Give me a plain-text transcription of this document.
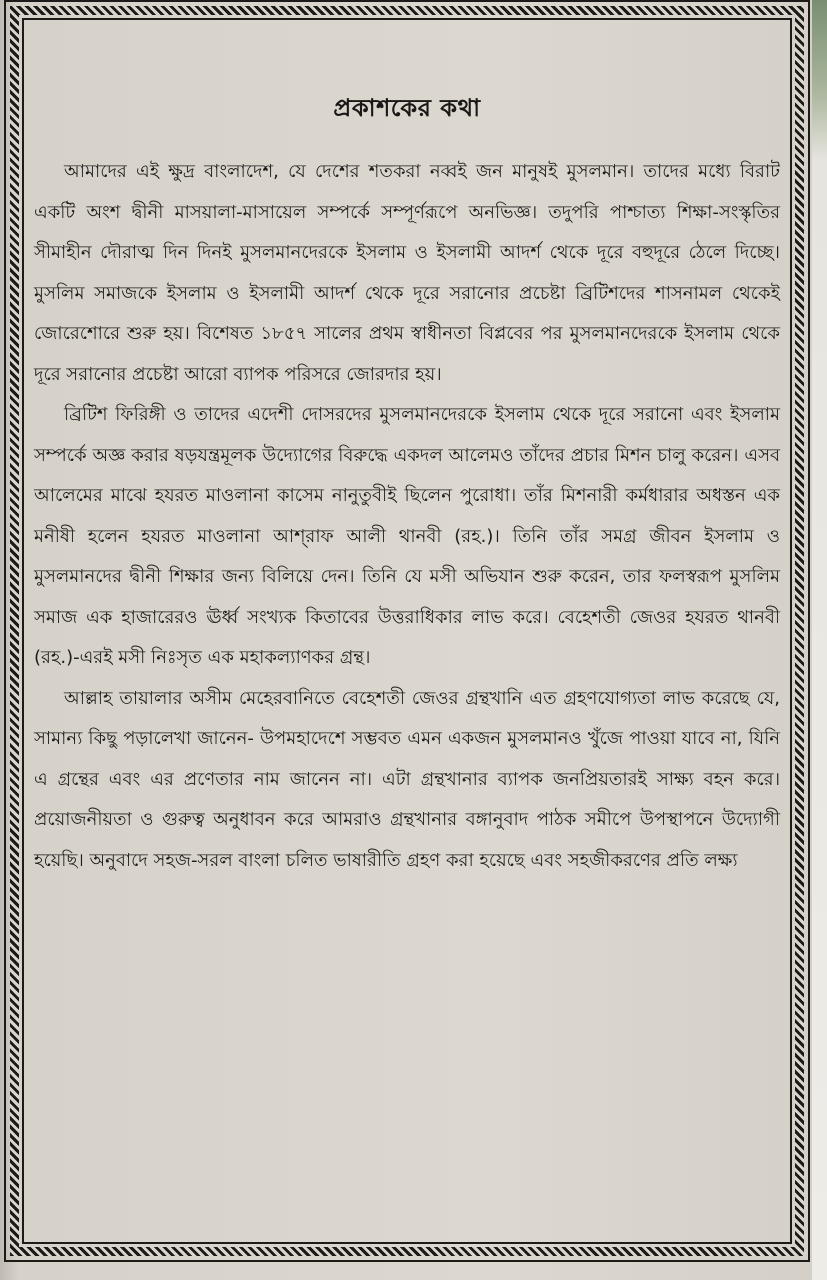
প্রকাশকের কথা

আমাদের এই ক্ষুদ্র বাংলাদেশ, যে দেশের শতকরা নব্বই জন মানুষই মুসলমান। তাদের মধ্যে বিরাট একটি অংশ দ্বীনী মাসয়ালা-মাসায়েল সম্পর্কে সম্পূর্ণরূপে অনভিজ্ঞ। তদুপরি পাশ্চাত্য শিক্ষা-সংস্কৃতির সীমাহীন দৌরাত্ম দিন দিনই মুসলমানদেরকে ইসলাম ও ইসলামী আদর্শ থেকে দূরে বহুদূরে ঠেলে দিচ্ছে। মুসলিম সমাজকে ইসলাম ও ইসলামী আদর্শ থেকে দূরে সরানোর প্রচেষ্টা ব্রিটিশদের শাসনামল থেকেই জোরেশোরে শুরু হয়। বিশেষত ১৮৫৭ সালের প্রথম স্বাধীনতা বিপ্লবের পর মুসলমানদেরকে ইসলাম থেকে দূরে সরানোর প্রচেষ্টা আরো ব্যাপক পরিসরে জোরদার হয়।

ব্রিটিশ ফিরিঙ্গী ও তাদের এদেশী দোসরদের মুসলমানদেরকে ইসলাম থেকে দূরে সরানো এবং ইসলাম সম্পর্কে অজ্ঞ করার ষড়যন্ত্রমূলক উদ্যোগের বিরুদ্ধে একদল আলেমও তাঁদের প্রচার মিশন চালু করেন। এসব আলেমের মাঝে হযরত মাওলানা কাসেম নানুতুবীই ছিলেন পুরোধা। তাঁর মিশনারী কর্মধারার অধস্তন এক মনীষী হলেন হযরত মাওলানা আশ্‌রাফ আলী থানবী (রহ.)। তিনি তাঁর সমগ্র জীবন ইসলাম ও মুসলমানদের দ্বীনী শিক্ষার জন্য বিলিয়ে দেন। তিনি যে মসী অভিযান শুরু করেন, তার ফলস্বরূপ মুসলিম সমাজ এক হাজারেরও ঊর্ধ্ব সংখ্যক কিতাবের উত্তরাধিকার লাভ করে। বেহেশতী জেওর হযরত থানবী (রহ.)-এরই মসী নিঃসৃত এক মহাকল্যাণকর গ্রন্থ।

আল্লাহ তায়ালার অসীম মেহেরবানিতে বেহেশতী জেওর গ্রন্থখানি এত গ্রহণযোগ্যতা লাভ করেছে যে, সামান্য কিছু পড়ালেখা জানেন- উপমহাদেশে সম্ভবত এমন একজন মুসলমানও খুঁজে পাওয়া যাবে না, যিনি এ গ্রন্থের এবং এর প্রণেতার নাম জানেন না। এটা গ্রন্থখানার ব্যাপক জনপ্রিয়তারই সাক্ষ্য বহন করে। প্রয়োজনীয়তা ও গুরুত্ব অনুধাবন করে আমরাও গ্রন্থখানার বঙ্গানুবাদ পাঠক সমীপে উপস্থাপনে উদ্যোগী হয়েছি। অনুবাদে সহজ-সরল বাংলা চলিত ভাষারীতি গ্রহণ করা হয়েছে এবং সহজীকরণের প্রতি লক্ষ্য
